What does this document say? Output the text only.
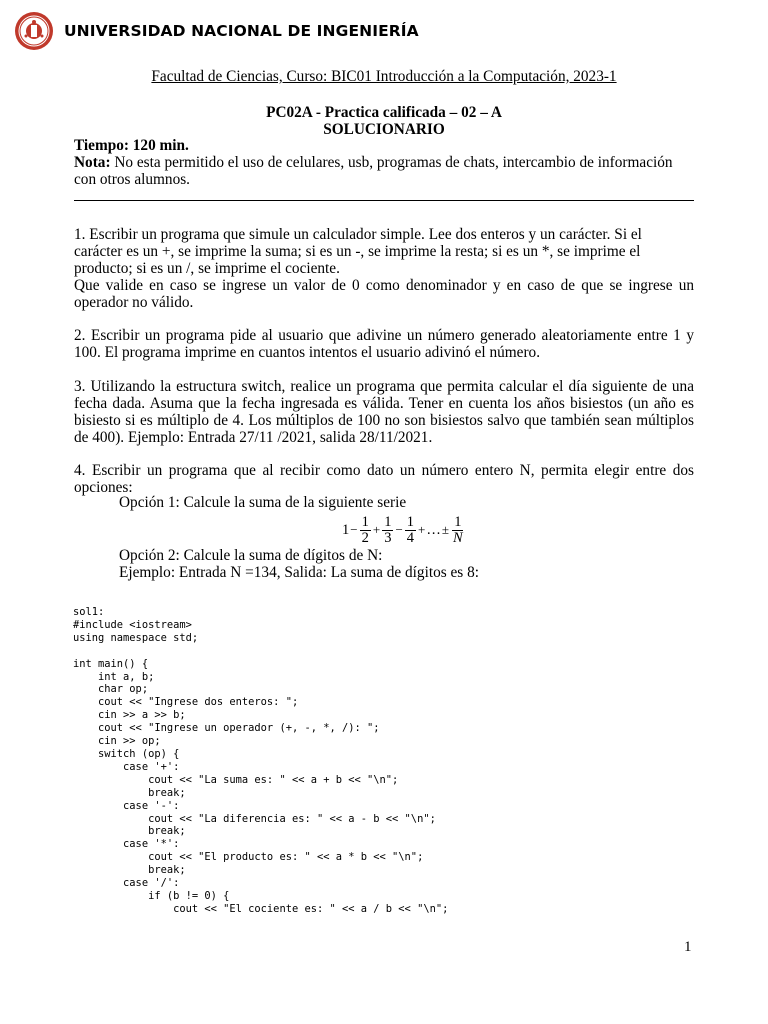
UNIVERSIDAD NACIONAL DE INGENIERÍA
Facultad de Ciencias, Curso: BIC01 Introducción a la Computación, 2023-1
PC02A - Practica calificada – 02 – A
SOLUCIONARIO
Tiempo: 120 min.
Nota: No esta permitido el uso de celulares, usb, programas de chats, intercambio de información con otros alumnos.
1. Escribir un programa que simule un calculador simple. Lee dos enteros y un carácter. Si el carácter es un +, se imprime la suma; si es un -, se imprime la resta; si es un *, se imprime el producto; si es un /, se imprime el cociente.
Que valide en caso se ingrese un valor de 0 como denominador y en caso de que se ingrese un operador no válido.
2. Escribir un programa pide al usuario que adivine un número generado aleatoriamente entre 1 y 100. El programa imprime en cuantos intentos el usuario adivinó el número.
3. Utilizando la estructura switch, realice un programa que permita calcular el día siguiente de una fecha dada. Asuma que la fecha ingresada es válida. Tener en cuenta los años bisiestos (un año es bisiesto si es múltiplo de 4. Los múltiplos de 100 no son bisiestos salvo que también sean múltiplos de 400). Ejemplo: Entrada 27/11 /2021, salida 28/11/2021.
4. Escribir un programa que al recibir como dato un número entero N, permita elegir entre dos opciones:
Opción 1: Calcule la suma de la siguiente serie
$1 - \frac{1}{2} + \frac{1}{3} - \frac{1}{4}$ + … ± $\frac{1}{N}$
Opción 2: Calcule la suma de dígitos de N:
Ejemplo: Entrada N =134, Salida: La suma de dígitos es 8:
sol1:
#include <iostream>
using namespace std;

int main() {
int a, b;
char op;
cout << "Ingrese dos enteros: ";
cin >> a >> b;
cout << "Ingrese un operador (+, -, *, /): ";
cin >> op;
switch (op) {
case '+':
cout << "La suma es: " << a + b << "\n";
break;
case '-':
cout << "La diferencia es: " << a - b << "\n";
break;
case '*':
cout << "El producto es: " << a * b << "\n";
break;
case '/':
if (b != 0) {
cout << "El cociente es: " << a / b << "\n";
1
